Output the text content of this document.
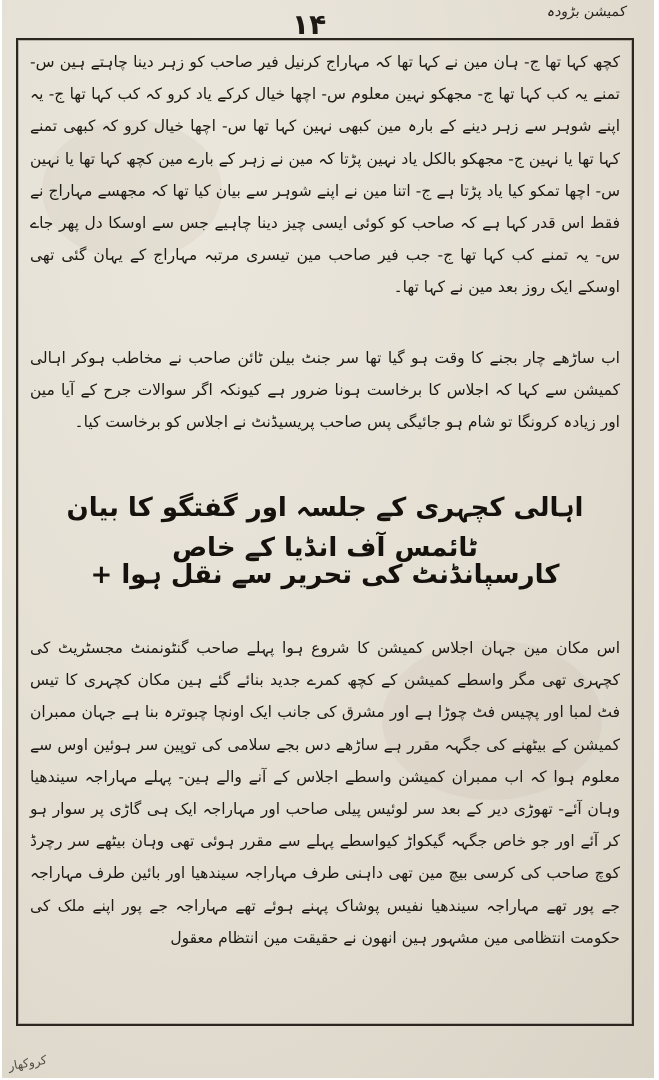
کمیشن بڑودہ
۱۴

کچھ کہا تھا ج- ہان مین نے کہا تھا کہ مہاراج کرنیل فیر صاحب کو زہر دینا چاہتے ہین س- تمنے یہ کب کہا تھا ج- مجھکو نہین معلوم س- اچھا خیال کرکے یاد کرو کہ کب کہا تھا ج- یہ اپنے شوہر سے زہر دینے کے بارہ مین کبھی نہین کہا تھا س- اچھا خیال کرو کہ کبھی تمنے کہا تھا یا نہین ج- مجھکو بالکل یاد نہین پڑتا کہ مین نے زہر کے بارے مین کچھ کہا تھا یا نہین س- اچھا تمکو کیا یاد پڑتا ہے ج- اتنا مین نے اپنے شوہر سے بیان کیا تھا کہ مجھسے مہاراج نے فقط اس قدر کہا ہے کہ صاحب کو کوئی ایسی چیز دینا چاہیے جس سے اوسکا دل پھر جاے س- یہ تمنے کب کہا تھا ج- جب فیر صاحب مین تیسری مرتبہ مہاراج کے یہان گئی تھی اوسکے ایک روز بعد مین نے کہا تھا۔

اب ساڑھے چار بجنے کا وقت ہو گیا تھا سر جنٹ بیلن ٹائن صاحب نے مخاطب ہوکر اہالی کمیشن سے کہا کہ اجلاس کا برخاست ہونا ضرور ہے کیونکہ اگر سوالات جرح کے آیا مین اور زیادہ کرونگا تو شام ہو جائیگی پس صاحب پریسیڈنٹ نے اجلاس کو برخاست کیا۔

اہالی کچہری کے جلسہ اور گفتگو کا بیان ٹائمس آف انڈیا کے خاص
کارسپانڈنٹ کی تحریر سے نقل ہوا +

اس مکان مین جہان اجلاس کمیشن کا شروع ہوا پہلے صاحب گنٹونمنٹ مجسٹریٹ کی کچہری تھی مگر واسطے کمیشن کے کچھ کمرے جدید بنائے گئے ہین مکان کچہری کا تیس فٹ لمبا اور پچیس فٹ چوڑا ہے اور مشرق کی جانب ایک اونچا چبوترہ بنا ہے جہان ممبران کمیشن کے بیٹھنے کی جگہہ مقرر ہے ساڑھے دس بجے سلامی کی توپین سر ہوئین اوس سے معلوم ہوا کہ اب ممبران کمیشن واسطے اجلاس کے آنے والے ہین- پہلے مہاراجہ سیندھیا وہان آئے- تھوڑی دیر کے بعد سر لوئیس پیلی صاحب اور مہاراجہ ایک ہی گاڑی پر سوار ہو کر آئے اور جو خاص جگہہ گیکواڑ کیواسطے پہلے سے مقرر ہوئی تھی وہان بیٹھے سر رچرڈ کوچ صاحب کی کرسی بیچ مین تھی داہنی طرف مہاراجہ سیندھیا اور بائین طرف مہاراجہ جے پور تھے مہاراجہ سیندھیا نفیس پوشاک پہنے ہوئے تھے مہاراجہ جے پور اپنے ملک کی حکومت انتظامی مین مشہور ہین انھون نے حقیقت مین انتظام معقول

کروکھار
